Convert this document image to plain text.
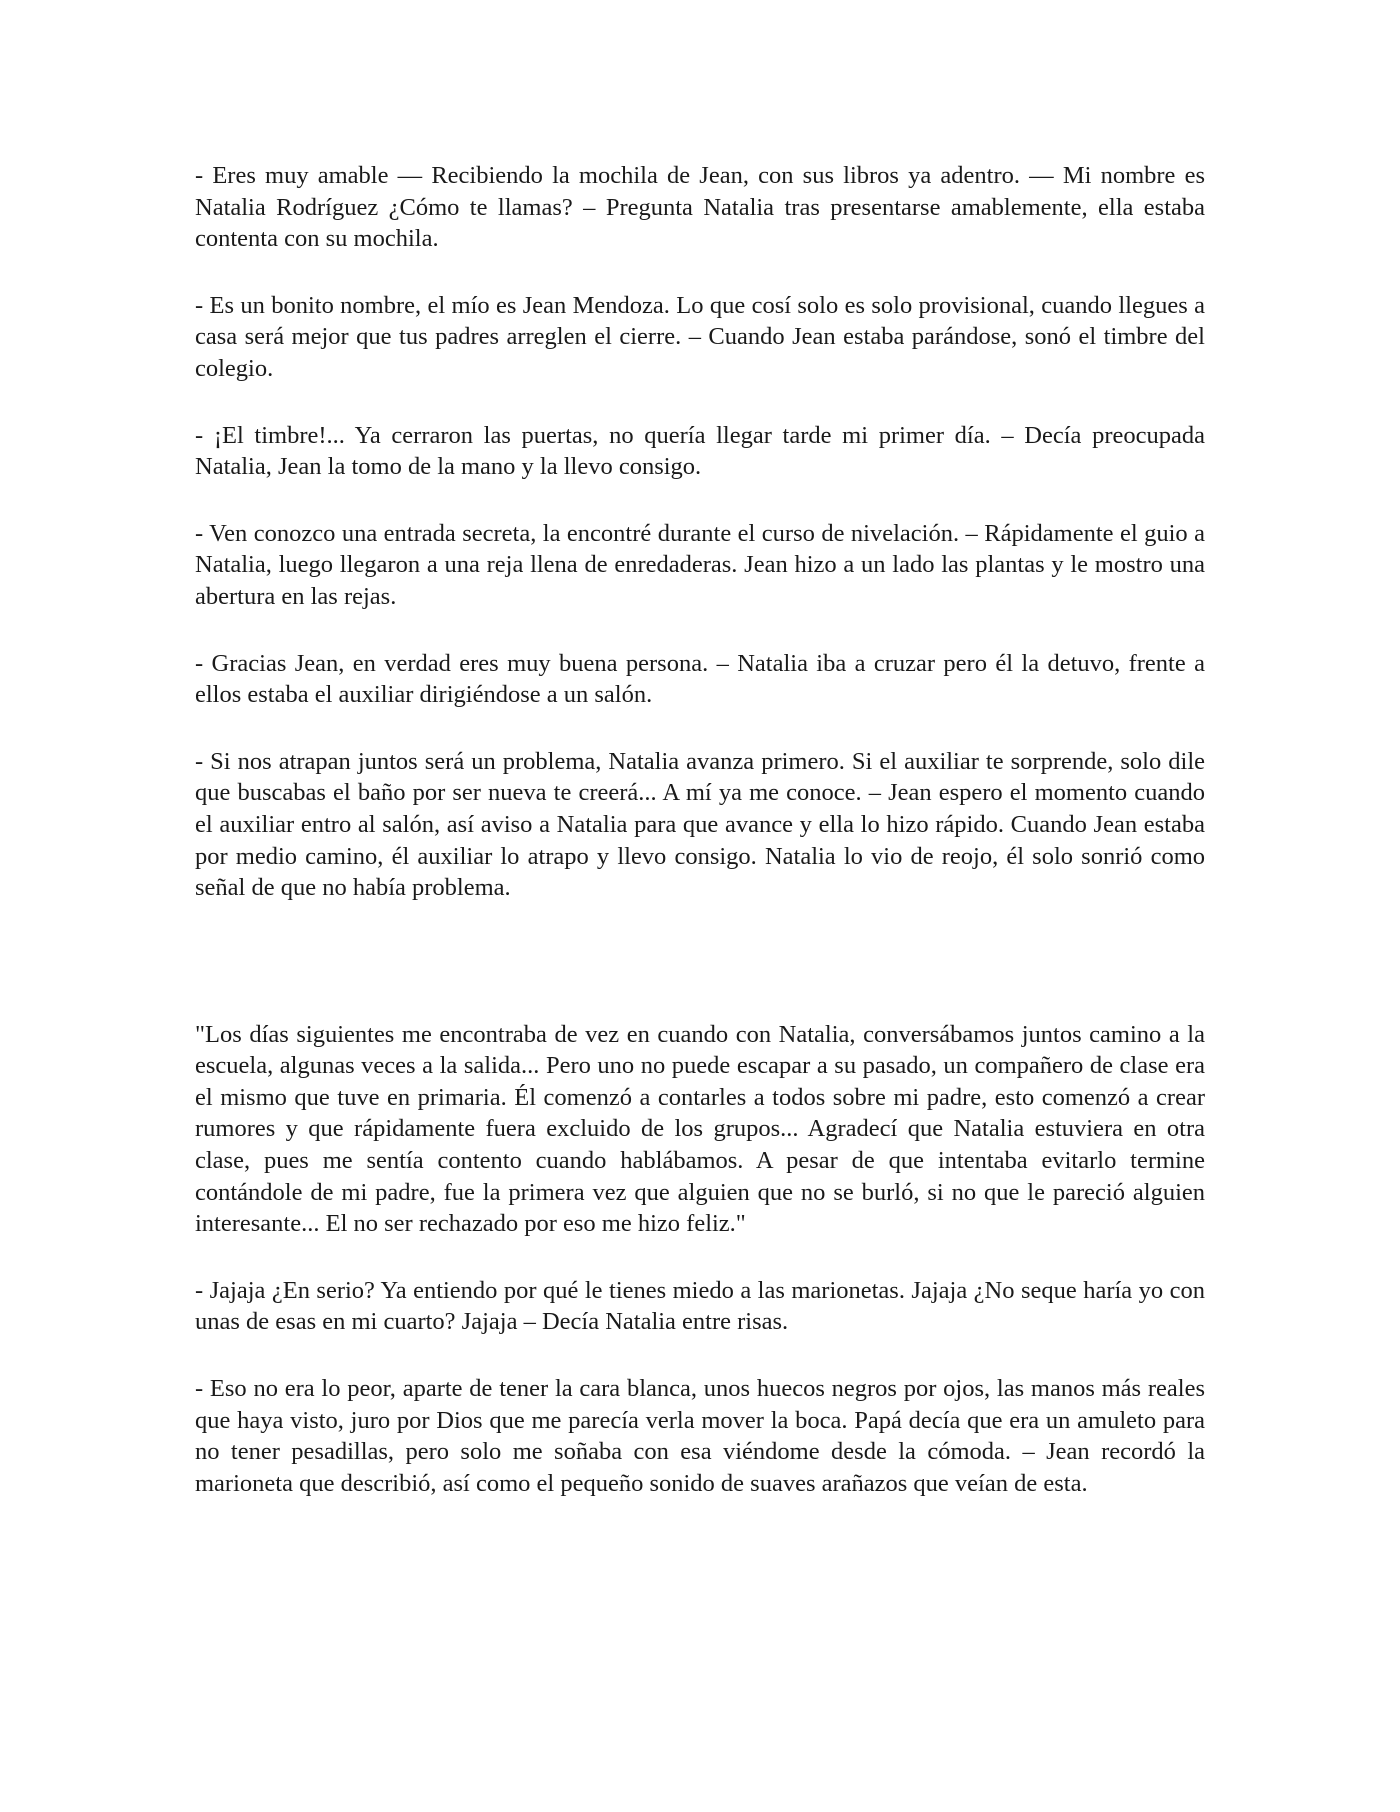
- Eres muy amable — Recibiendo la mochila de Jean, con sus libros ya adentro. — Mi nombre es Natalia Rodríguez ¿Cómo te llamas? – Pregunta Natalia tras presentarse amablemente, ella estaba contenta con su mochila.

- Es un bonito nombre, el mío es Jean Mendoza. Lo que cosí solo es solo provisional, cuando llegues a casa será mejor que tus padres arreglen el cierre. – Cuando Jean estaba parándose, sonó el timbre del colegio.

- ¡El timbre!... Ya cerraron las puertas, no quería llegar tarde mi primer día. – Decía preocupada Natalia, Jean la tomo de la mano y la llevo consigo.

- Ven conozco una entrada secreta, la encontré durante el curso de nivelación. – Rápidamente el guio a Natalia, luego llegaron a una reja llena de enredaderas. Jean hizo a un lado las plantas y le mostro una abertura en las rejas.

- Gracias Jean, en verdad eres muy buena persona. – Natalia iba a cruzar pero él la detuvo, frente a ellos estaba el auxiliar dirigiéndose a un salón.

- Si nos atrapan juntos será un problema, Natalia avanza primero. Si el auxiliar te sorprende, solo dile que buscabas el baño por ser nueva te creerá... A mí ya me conoce. – Jean espero el momento cuando el auxiliar entro al salón, así aviso a Natalia para que avance y ella lo hizo rápido. Cuando Jean estaba por medio camino, él auxiliar lo atrapo y llevo consigo. Natalia lo vio de reojo, él solo sonrió como señal de que no había problema.

"Los días siguientes me encontraba de vez en cuando con Natalia, conversábamos juntos camino a la escuela, algunas veces a la salida... Pero uno no puede escapar a su pasado, un compañero de clase era el mismo que tuve en primaria. Él comenzó a contarles a todos sobre mi padre, esto comenzó a crear rumores y que rápidamente fuera excluido de los grupos... Agradecí que Natalia estuviera en otra clase, pues me sentía contento cuando hablábamos. A pesar de que intentaba evitarlo termine contándole de mi padre, fue la primera vez que alguien que no se burló, si no que le pareció alguien interesante... El no ser rechazado por eso me hizo feliz."

- Jajaja ¿En serio? Ya entiendo por qué le tienes miedo a las marionetas. Jajaja ¿No seque haría yo con unas de esas en mi cuarto? Jajaja – Decía Natalia entre risas.

- Eso no era lo peor, aparte de tener la cara blanca, unos huecos negros por ojos, las manos más reales que haya visto, juro por Dios que me parecía verla mover la boca. Papá decía que era un amuleto para no tener pesadillas, pero solo me soñaba con esa viéndome desde la cómoda. – Jean recordó la marioneta que describió, así como el pequeño sonido de suaves arañazos que veían de esta.
